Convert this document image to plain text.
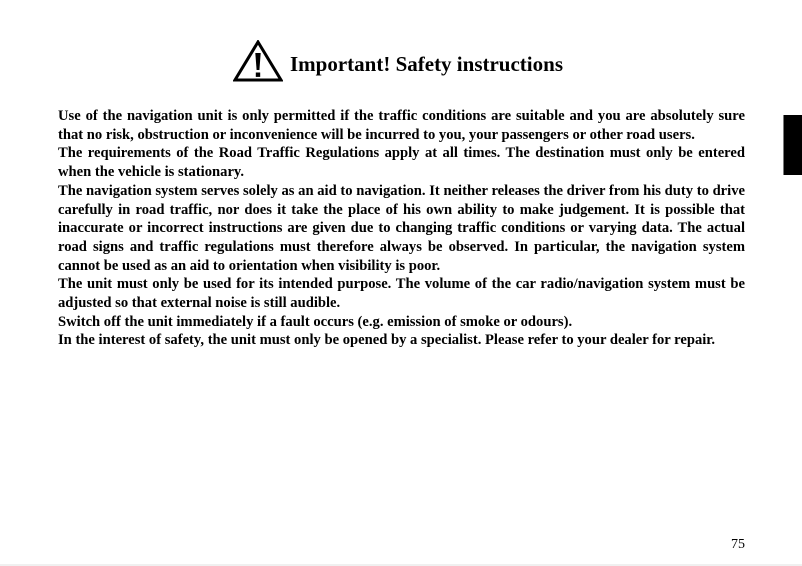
Important! Safety instructions

Use of the navigation unit is only permitted if the traffic conditions are suitable and you are absolutely sure that no risk, obstruction or inconvenience will be incurred to you, your passengers or other road users.

The requirements of the Road Traffic Regulations apply at all times. The destination must only be entered when the vehicle is stationary.

The navigation system serves solely as an aid to navigation. It neither releases the driver from his duty to drive carefully in road traffic, nor does it take the place of his own ability to make judgement. It is possible that inaccurate or incorrect instructions are given due to changing traffic conditions or varying data. The actual road signs and traffic regulations must therefore always be observed. In particular, the navigation system cannot be used as an aid to orientation when visibility is poor.

The unit must only be used for its intended purpose. The volume of the car radio/navigation system must be adjusted so that external noise is still audible.

Switch off the unit immediately if a fault occurs (e.g. emission of smoke or odours).

In the interest of safety, the unit must only be opened by a specialist. Please refer to your dealer for repair.

75
